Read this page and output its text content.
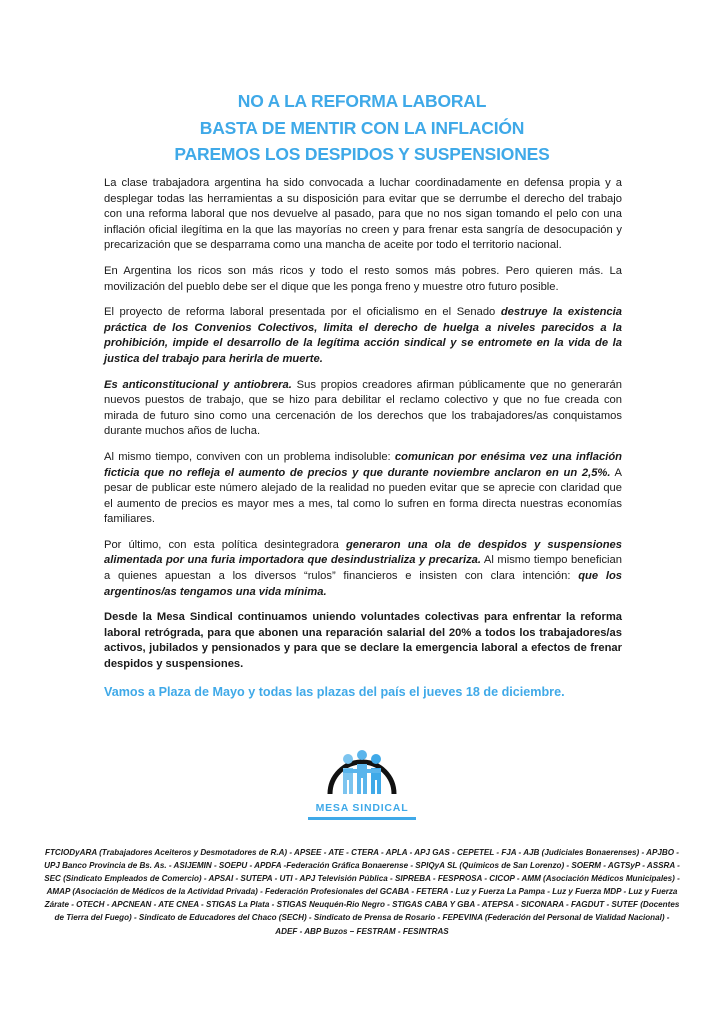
NO A LA REFORMA LABORAL
BASTA DE MENTIR CON LA INFLACIÓN
PAREMOS LOS DESPIDOS Y SUSPENSIONES

La clase trabajadora argentina ha sido convocada a luchar coordinadamente en defensa propia y a desplegar todas las herramientas a su disposición para evitar que se derrumbe el derecho del trabajo con una reforma laboral que nos devuelve al pasado, para que no nos sigan tomando el pelo con una inflación oficial ilegítima en la que las mayorías no creen y para frenar esta sangría de desocupación y precarización que se desparrama como una mancha de aceite por todo el territorio nacional.

En Argentina los ricos son más ricos y todo el resto somos más pobres. Pero quieren más. La movilización del pueblo debe ser el dique que les ponga freno y muestre otro futuro posible.

El proyecto de reforma laboral presentada por el oficialismo en el Senado destruye la existencia práctica de los Convenios Colectivos, limita el derecho de huelga a niveles parecidos a la prohibición, impide el desarrollo de la legítima acción sindical y se entromete en la vida de la justica del trabajo para herirla de muerte.

Es anticonstitucional y antiobrera. Sus propios creadores afirman públicamente que no generarán nuevos puestos de trabajo, que se hizo para debilitar el reclamo colectivo y que no fue creada con mirada de futuro sino como una cercenación de los derechos que los trabajadores/as conquistamos durante muchos años de lucha.

Al mismo tiempo, conviven con un problema indisoluble: comunican por enésima vez una inflación ficticia que no refleja el aumento de precios y que durante noviembre anclaron en un 2,5%. A pesar de publicar este número alejado de la realidad no pueden evitar que se aprecie con claridad que el aumento de precios es mayor mes a mes, tal como lo sufren en forma directa nuestras economías familiares.

Por último, con esta política desintegradora generaron una ola de despidos y suspensiones alimentada por una furia importadora que desindustrializa y precariza. Al mismo tiempo benefician a quienes apuestan a los diversos “rulos” financieros e insisten con clara intención: que los argentinos/as tengamos una vida mínima.

Desde la Mesa Sindical continuamos uniendo voluntades colectivas para enfrentar la reforma laboral retrógrada, para que abonen una reparación salarial del 20% a todos los trabajadores/as activos, jubilados y pensionados y para que se declare la emergencia laboral a efectos de frenar despidos y suspensiones.

Vamos a Plaza de Mayo y todas las plazas del país el jueves 18 de diciembre.
MESA SINDICAL
FTCIODyARA (Trabajadores Aceiteros y Desmotadores de R.A) - APSEE - ATE - CTERA - APLA - APJ GAS - CEPETEL - FJA - AJB (Judiciales Bonaerenses) - APJBO - UPJ Banco Provincia de Bs. As. - ASIJEMIN - SOEPU - APDFA -Federación Gráfica Bonaerense - SPIQyA SL (Químicos de San Lorenzo) - SOERM - AGTSyP - ASSRA - SEC (Sindicato Empleados de Comercio) - APSAI - SUTEPA - UTI - APJ Televisión Pública - SIPREBA - FESPROSA - CICOP - AMM (Asociación Médicos Municipales) - AMAP (Asociación de Médicos de la Actividad Privada) - Federación Profesionales del GCABA - FETERA - Luz y Fuerza La Pampa - Luz y Fuerza MDP - Luz y Fuerza Zárate - OTECH - APCNEAN - ATE CNEA - STIGAS La Plata - STIGAS Neuquén-Rio Negro - STIGAS CABA Y GBA - ATEPSA - SICONARA - FAGDUT - SUTEF (Docentes de Tierra del Fuego) - Sindicato de Educadores del Chaco (SECH) - Sindicato de Prensa de Rosario - FEPEVINA (Federación del Personal de Vialidad Nacional) - ADEF - ABP Buzos – FESTRAM - FESINTRAS
